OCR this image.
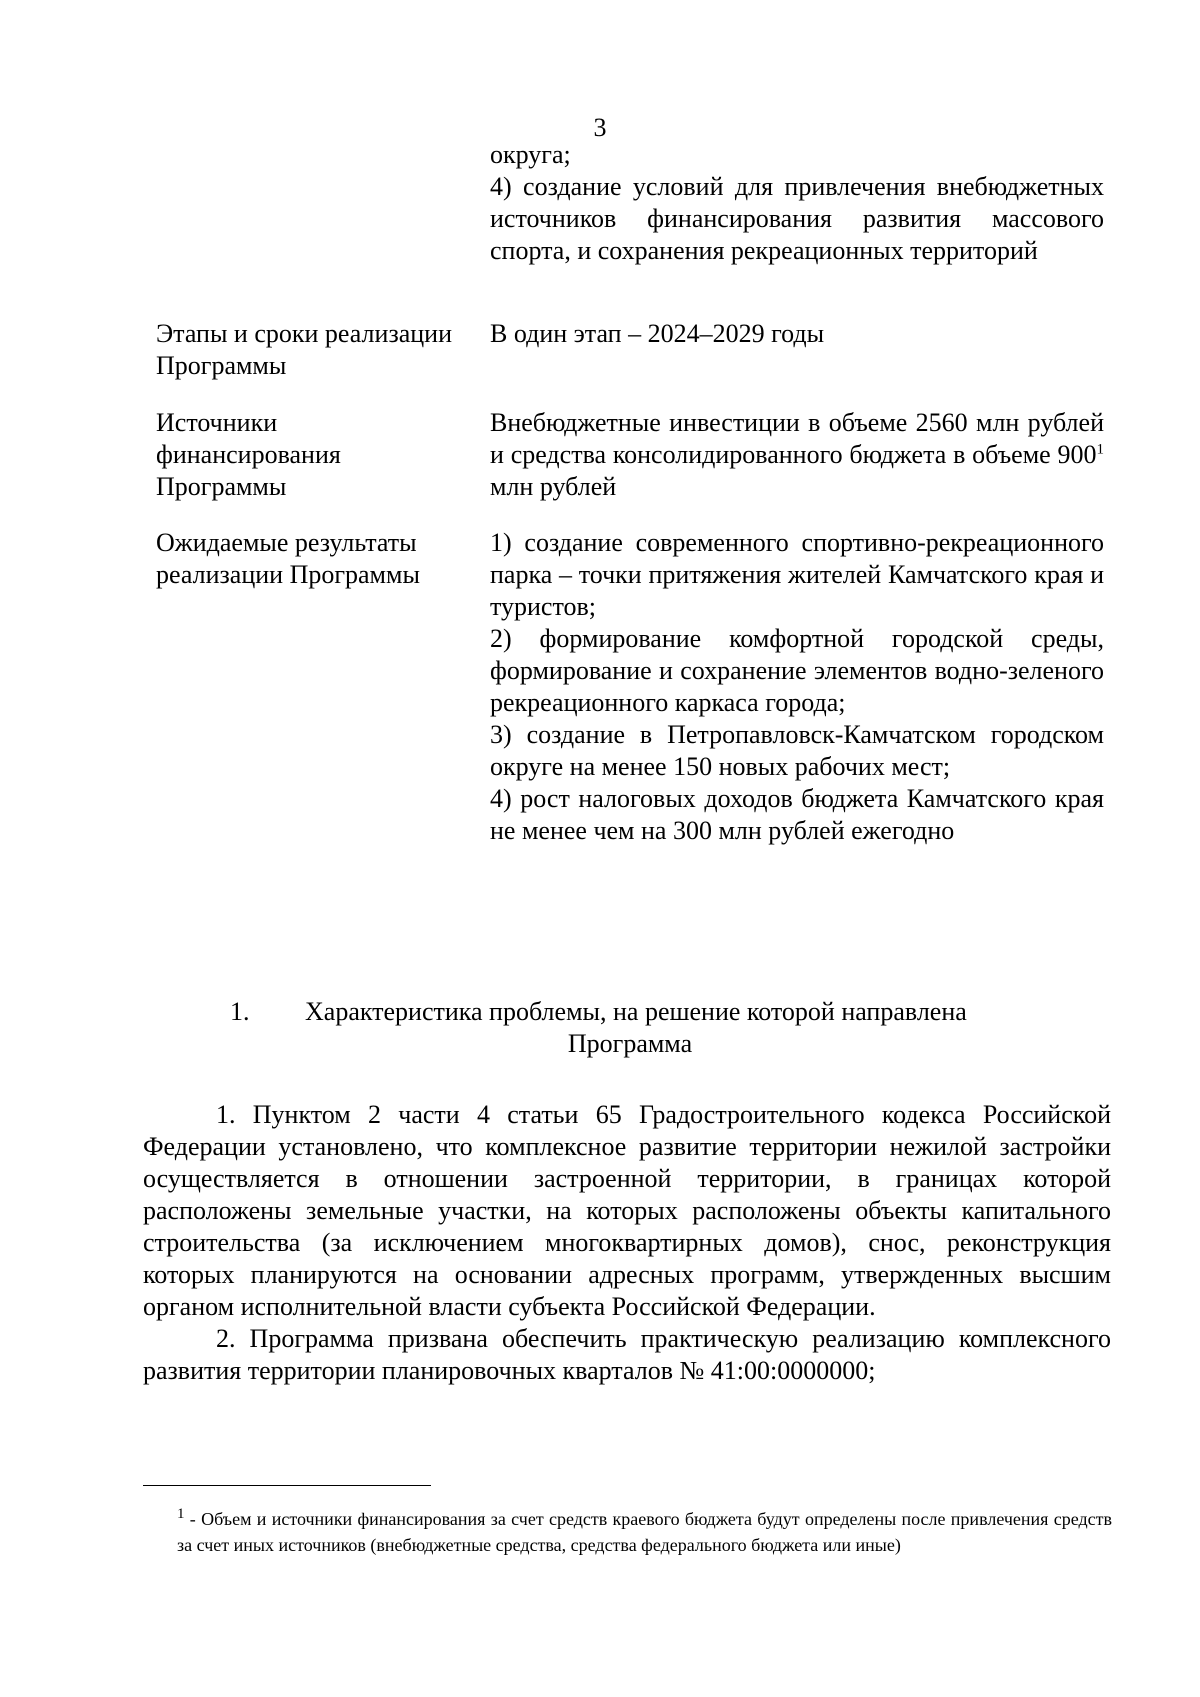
3
округа;
4) создание условий для привлечения внебюджетных источников финансирования развития массового спорта, и сохранения рекреационных территорий
Этапы и сроки реализации Программы
В один этап – 2024–2029 годы
Источники финансирования Программы
Внебюджетные инвестиции в объеме 2560 млн рублей и средства консолидированного бюджета в объеме $900^1$ млн рублей
Ожидаемые результаты реализации Программы
1) создание современного спортивно-рекреационного парка – точки притяжения жителей Камчатского края и туристов;
2) формирование комфортной городской среды, формирование и сохранение элементов водно-зеленого рекреационного каркаса города;
3) создание в Петропавловск-Камчатском городском округе на менее 150 новых рабочих мест;
4) рост налоговых доходов бюджета Камчатского края не менее чем на 300 млн рублей ежегодно
1. Характеристика проблемы, на решение которой направлена
Программа

1. Пунктом 2 части 4 статьи 65 Градостроительного кодекса Российской Федерации установлено, что комплексное развитие территории нежилой застройки осуществляется в отношении застроенной территории, в границах которой расположены земельные участки, на которых расположены объекты капитального строительства (за исключением многоквартирных домов), снос, реконструкция которых планируются на основании адресных программ, утвержденных высшим органом исполнительной власти субъекта Российской Федерации.

2. Программа призвана обеспечить практическую реализацию комплексного развития территории планировочных кварталов № 41:00:0000000;

$^1$ - Объем и источники финансирования за счет средств краевого бюджета будут определены после привлечения средств за счет иных источников (внебюджетные средства, средства федерального бюджета или иные)
